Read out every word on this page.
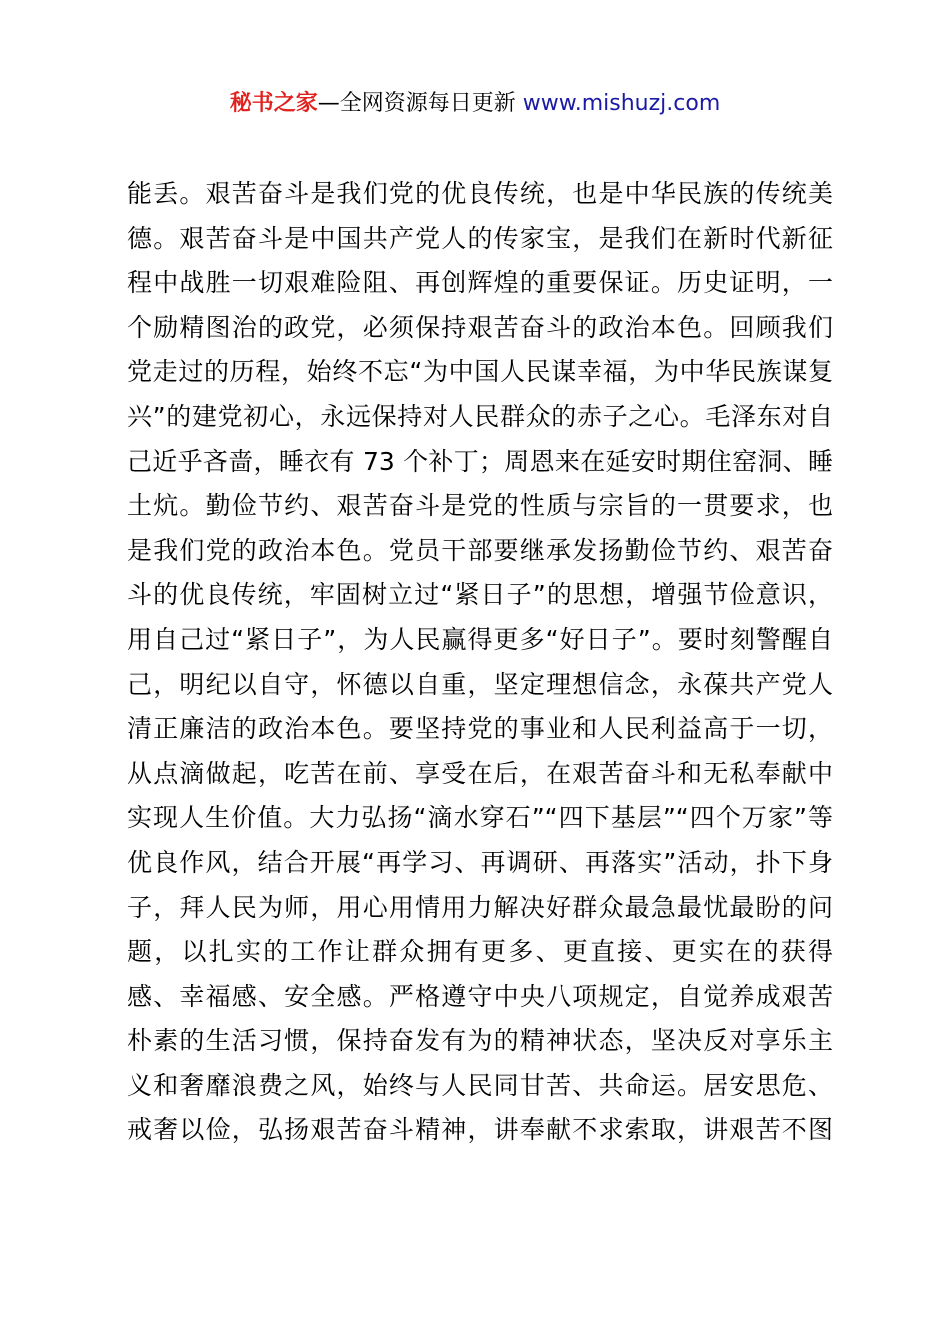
秘书之家—全网资源每日更新 www.mishuzj.com
能丢。艰苦奋斗是我们党的优良传统，也是中华民族的传统美
德。艰苦奋斗是中国共产党人的传家宝，是我们在新时代新征
程中战胜一切艰难险阻、再创辉煌的重要保证。历史证明，一
个励精图治的政党，必须保持艰苦奋斗的政治本色。回顾我们
党走过的历程，始终不忘“为中国人民谋幸福，为中华民族谋复
兴”的建党初心，永远保持对人民群众的赤子之心。毛泽东对自
己近乎吝啬，睡衣有 73 个补丁；周恩来在延安时期住窑洞、睡
土炕。勤俭节约、艰苦奋斗是党的性质与宗旨的一贯要求，也
是我们党的政治本色。党员干部要继承发扬勤俭节约、艰苦奋
斗的优良传统，牢固树立过“紧日子”的思想，增强节俭意识，
用自己过“紧日子”，为人民赢得更多“好日子”。要时刻警醒自
己，明纪以自守，怀德以自重，坚定理想信念，永葆共产党人
清正廉洁的政治本色。要坚持党的事业和人民利益高于一切，
从点滴做起，吃苦在前、享受在后，在艰苦奋斗和无私奉献中
实现人生价值。大力弘扬“滴水穿石”“四下基层”“四个万家”等
优良作风，结合开展“再学习、再调研、再落实”活动，扑下身
子，拜人民为师，用心用情用力解决好群众最急最忧最盼的问
题，以扎实的工作让群众拥有更多、更直接、更实在的获得
感、幸福感、安全感。严格遵守中央八项规定，自觉养成艰苦
朴素的生活习惯，保持奋发有为的精神状态，坚决反对享乐主
义和奢靡浪费之风，始终与人民同甘苦、共命运。居安思危、
戒奢以俭，弘扬艰苦奋斗精神，讲奉献不求索取，讲艰苦不图
